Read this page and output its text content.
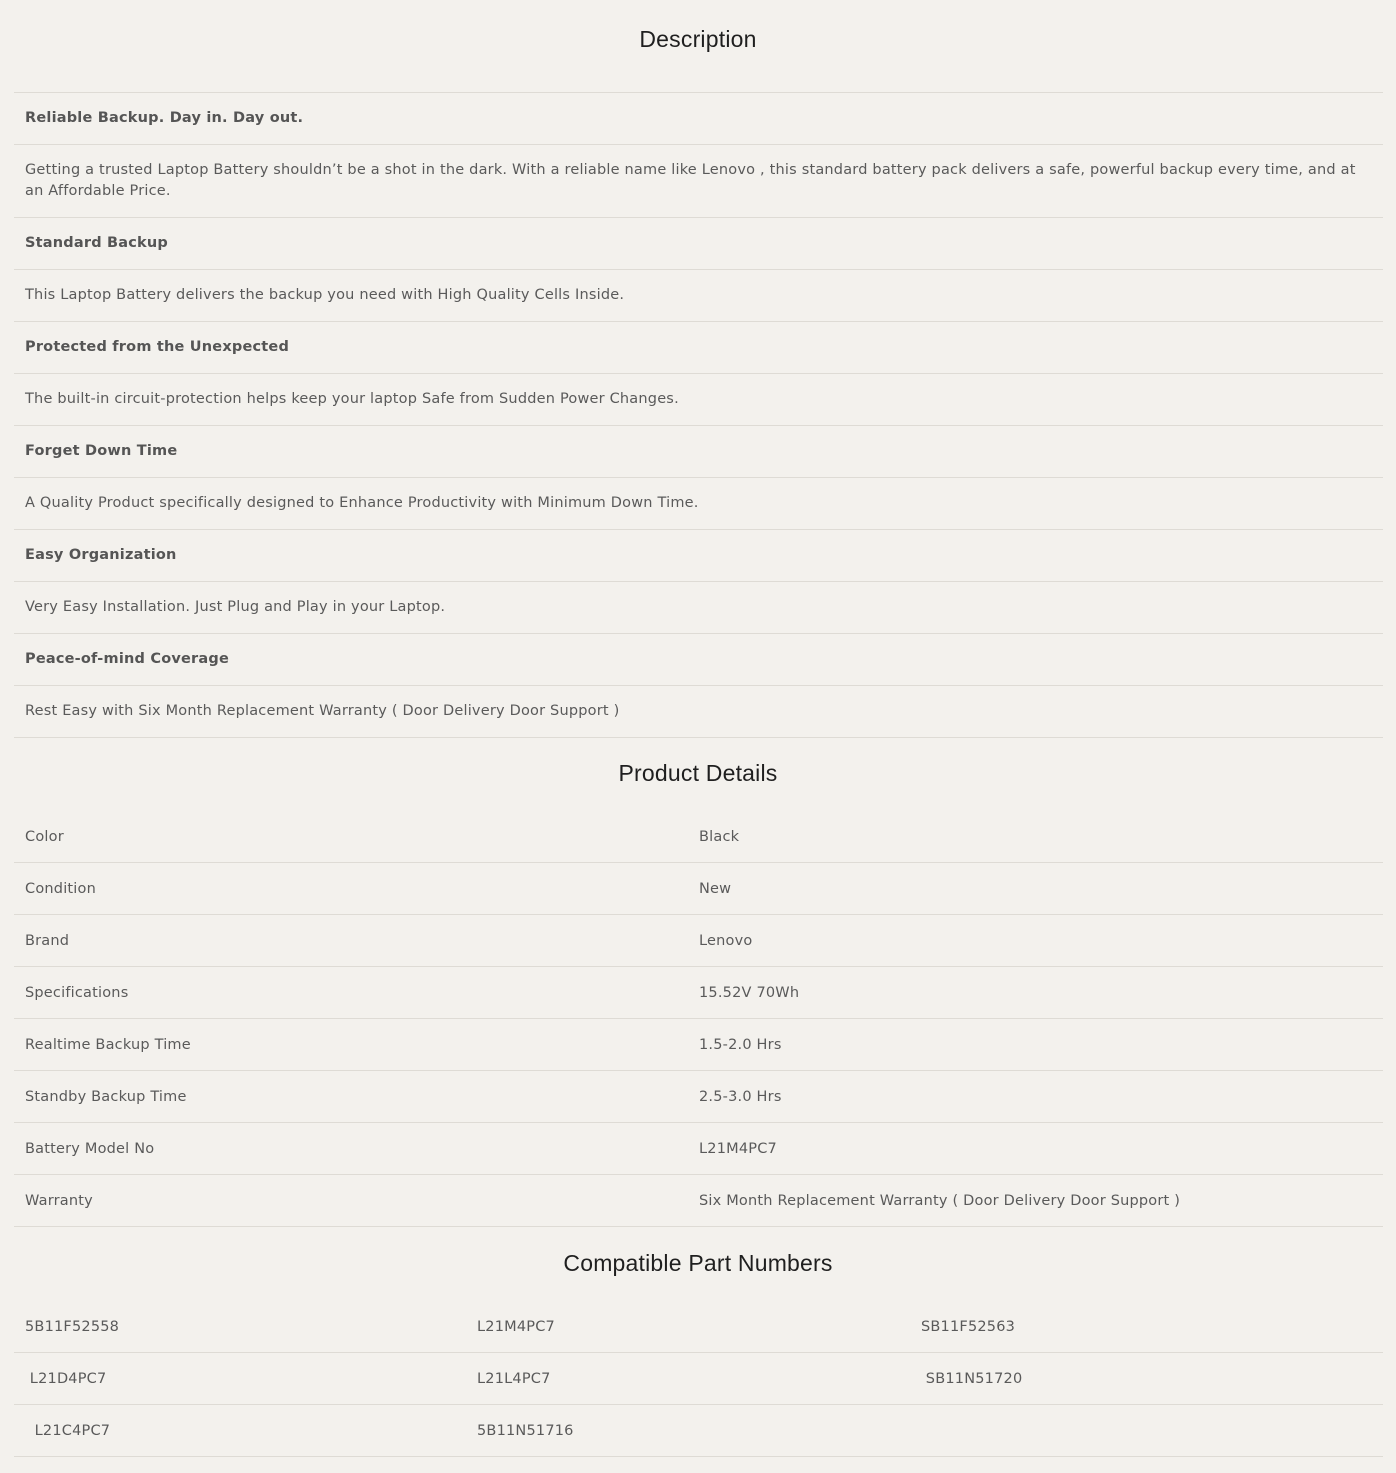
Description
Reliable Backup. Day in. Day out.
Getting a trusted Laptop Battery shouldn’t be a shot in the dark. With a reliable name like Lenovo , this standard battery pack delivers a safe, powerful backup every time, and at an Affordable Price.
Standard Backup
This Laptop Battery delivers the backup you need with High Quality Cells Inside.
Protected from the Unexpected
The built-in circuit-protection helps keep your laptop Safe from Sudden Power Changes.
Forget Down Time
A Quality Product specifically designed to Enhance Productivity with Minimum Down Time.
Easy Organization
Very Easy Installation. Just Plug and Play in your Laptop.
Peace-of-mind Coverage
Rest Easy with Six Month Replacement Warranty ( Door Delivery Door Support )
Product Details
Color	Black
Condition	New
Brand	Lenovo
Specifications	15.52V 70Wh
Realtime Backup Time	1.5-2.0 Hrs
Standby Backup Time	2.5-3.0 Hrs
Battery Model No	L21M4PC7
Warranty	Six Month Replacement Warranty ( Door Delivery Door Support )
Compatible Part Numbers
5B11F52558	L21M4PC7	SB11F52563
L21D4PC7	L21L4PC7	SB11N51720
L21C4PC7	5B11N51716
